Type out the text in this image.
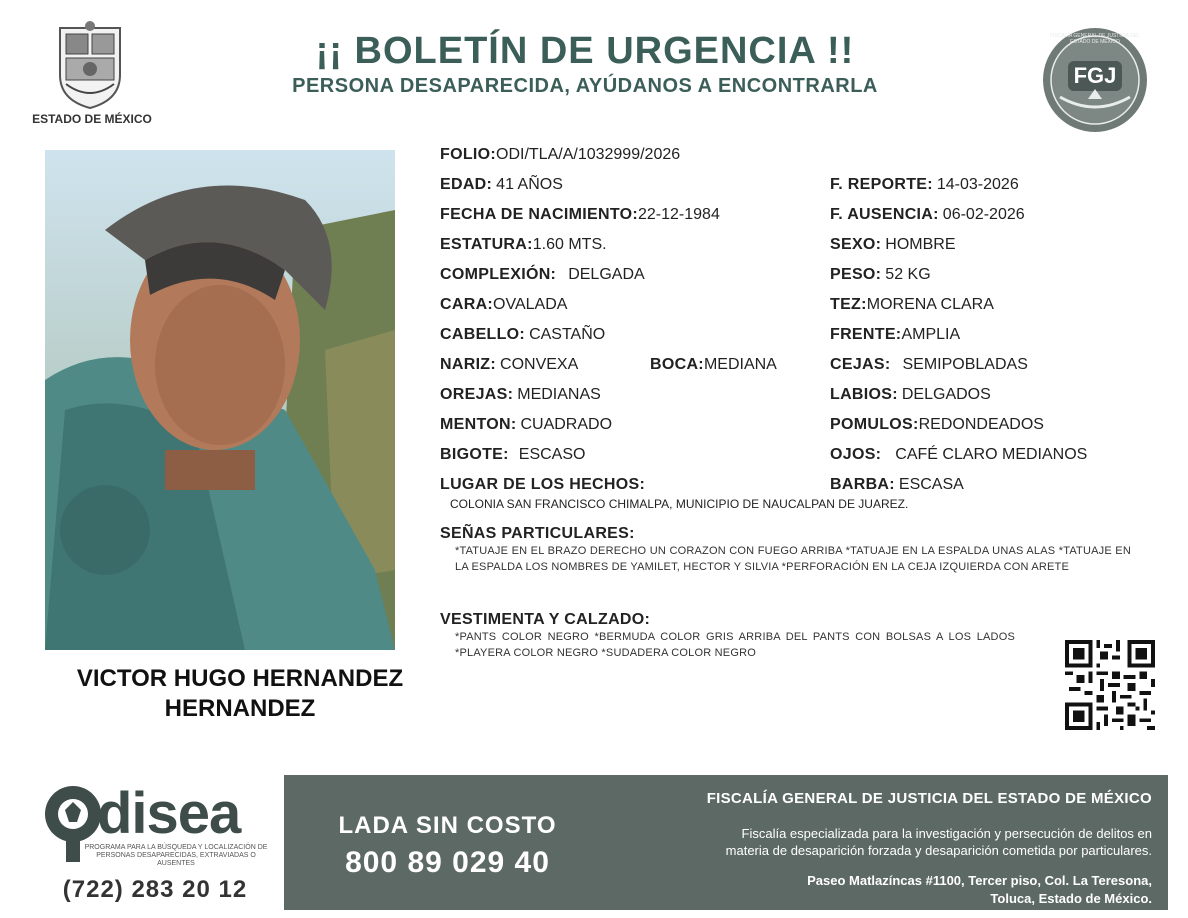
ESTADO DE MÉXICO
¡¡ BOLETÍN DE URGENCIA !!
PERSONA DESAPARECIDA, AYÚDANOS A ENCONTRARLA	FGJ
FISCALÍA GENERAL DE JUSTICIA DEL ESTADO DE MÉXICO
VICTOR HUGO HERNANDEZ
HERNANDEZ
FOLIO:ODI/TLA/A/1032999/2026
EDAD: 41 AÑOS
FECHA DE NACIMIENTO:22-12-1984
ESTATURA:1.60 MTS.
COMPLEXIÓN: DELGADA
CARA:OVALADA
CABELLO: CASTAÑO
NARIZ: CONVEXA	BOCA:MEDIANA
OREJAS: MEDIANAS
MENTON: CUADRADO
BIGOTE: ESCASO
LUGAR DE LOS HECHOS:
COLONIA SAN FRANCISCO CHIMALPA, MUNICIPIO DE NAUCALPAN DE JUAREZ.
F. REPORTE: 14-03-2026
F. AUSENCIA: 06-02-2026
SEXO: HOMBRE
PESO: 52 KG
TEZ:MORENA CLARA
FRENTE:AMPLIA
CEJAS: SEMIPOBLADAS
LABIOS: DELGADOS
POMULOS:REDONDEADOS
OJOS: CAFÉ CLARO MEDIANOS
BARBA: ESCASA
SEÑAS PARTICULARES:
*TATUAJE EN EL BRAZO DERECHO UN CORAZON CON FUEGO ARRIBA *TATUAJE EN LA ESPALDA UNAS ALAS *TATUAJE EN LA ESPALDA LOS NOMBRES DE YAMILET, HECTOR Y SILVIA *PERFORACIÓN EN LA CEJA IZQUIERDA CON ARETE
VESTIMENTA Y CALZADO:
*PANTS COLOR NEGRO *BERMUDA COLOR GRIS ARRIBA DEL PANTS CON BOLSAS A LOS LADOS *PLAYERA COLOR NEGRO *SUDADERA COLOR NEGRO
disea
PROGRAMA PARA LA BÚSQUEDA Y LOCALIZACIÓN DE PERSONAS DESAPARECIDAS, EXTRAVIADAS O AUSENTES
(722) 283 20 12
LADA SIN COSTO
800 89 029 40
FISCALÍA GENERAL DE JUSTICIA DEL ESTADO DE MÉXICO
Fiscalía especializada para la investigación y persecución de delitos en
materia de desaparición forzada y desaparición cometida por particulares.
Paseo Matlazíncas #1100, Tercer piso, Col. La Teresona,
Toluca, Estado de México.
